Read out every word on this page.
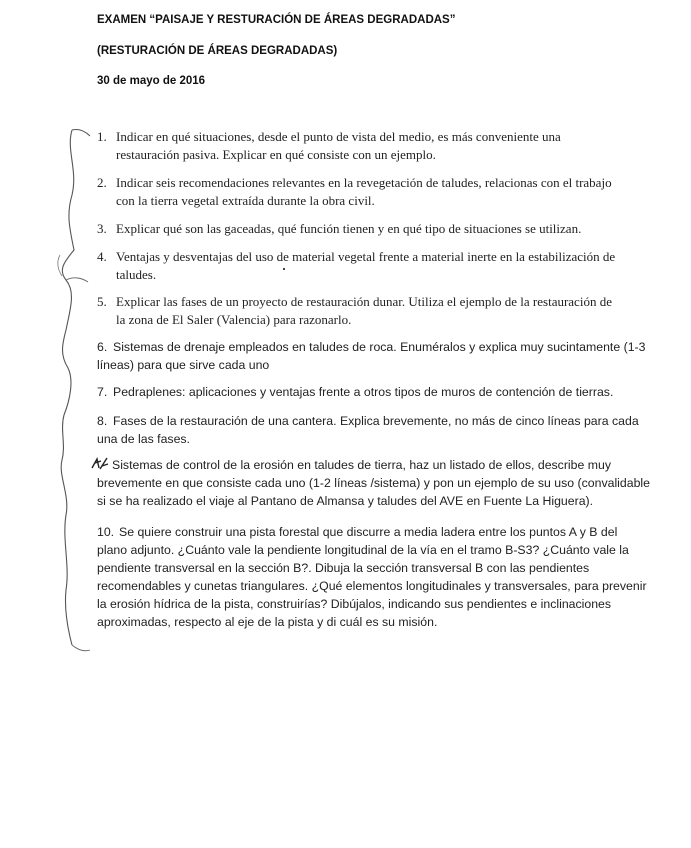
EXAMEN “PAISAJE Y RESTURACIÓN DE ÁREAS DEGRADADAS”
(RESTURACIÓN DE ÁREAS DEGRADADAS)
30 de mayo de 2016
1. Indicar en qué situaciones, desde el punto de vista del medio, es más conveniente una
restauración pasiva. Explicar en qué consiste con un ejemplo.
2. Indicar seis recomendaciones relevantes en la revegetación de taludes, relacionas con el trabajo
con la tierra vegetal extraída durante la obra civil.
3. Explicar qué son las gaceadas, qué función tienen y en qué tipo de situaciones se utilizan.
4. Ventajas y desventajas del uso de material vegetal frente a material inerte en la estabilización de
taludes.
5. Explicar las fases de un proyecto de restauración dunar. Utiliza el ejemplo de la restauración de
la zona de El Saler (Valencia) para razonarlo.
6. Sistemas de drenaje empleados en taludes de roca. Enuméralos y explica muy sucintamente (1-3
líneas) para que sirve cada uno
7. Pedraplenes: aplicaciones y ventajas frente a otros tipos de muros de contención de tierras.
8. Fases de la restauración de una cantera. Explica brevemente, no más de cinco líneas para cada
una de las fases.
Sistemas de control de la erosión en taludes de tierra, haz un listado de ellos, describe muy
brevemente en que consiste cada uno (1-2 líneas /sistema) y pon un ejemplo de su uso (convalidable
si se ha realizado el viaje al Pantano de Almansa y taludes del AVE en Fuente La Higuera).
10. Se quiere construir una pista forestal que discurre a media ladera entre los puntos A y B del
plano adjunto. ¿Cuánto vale la pendiente longitudinal de la vía en el tramo B-S3? ¿Cuánto vale la
pendiente transversal en la sección B?. Dibuja la sección transversal B con las pendientes
recomendables y cunetas triangulares. ¿Qué elementos longitudinales y transversales, para prevenir
la erosión hídrica de la pista, construirías? Dibújalos, indicando sus pendientes e inclinaciones
aproximadas, respecto al eje de la pista y di cuál es su misión.
